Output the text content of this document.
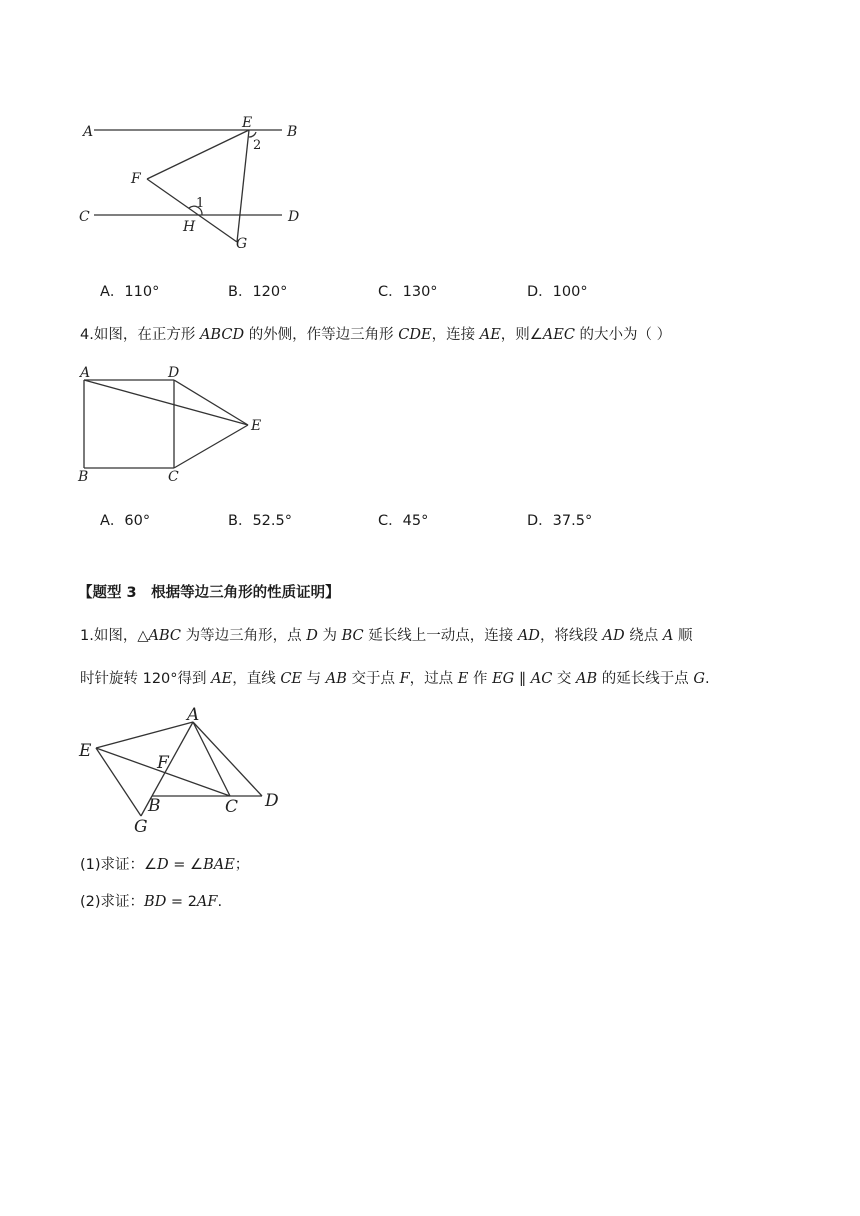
A
E
B
2
F
1
C	D
H
G
A．110°	B．120°	C．130°	D．100°
4.如图，在正方形 ABCD 的外侧，作等边三角形 CDE，连接 AE，则∠AEC 的大小为（ ）
A	D
E
B	C
A．60°	B．52.5°	C．45°	D．37.5°
【题型 3　根据等边三角形的性质证明】
1.如图，△ABC 为等边三角形，点 D 为 BC 延长线上一动点，连接 AD，将线段 AD 绕点 A 顺
时针旋转 120°得到 AE，直线 CE 与 AB 交于点 F，过点 E 作 EG ∥ AC 交 AB 的延长线于点 G.
A
E
F
B	C D
G
(1)求证：∠D = ∠BAE；
(2)求证：BD = 2AF.
